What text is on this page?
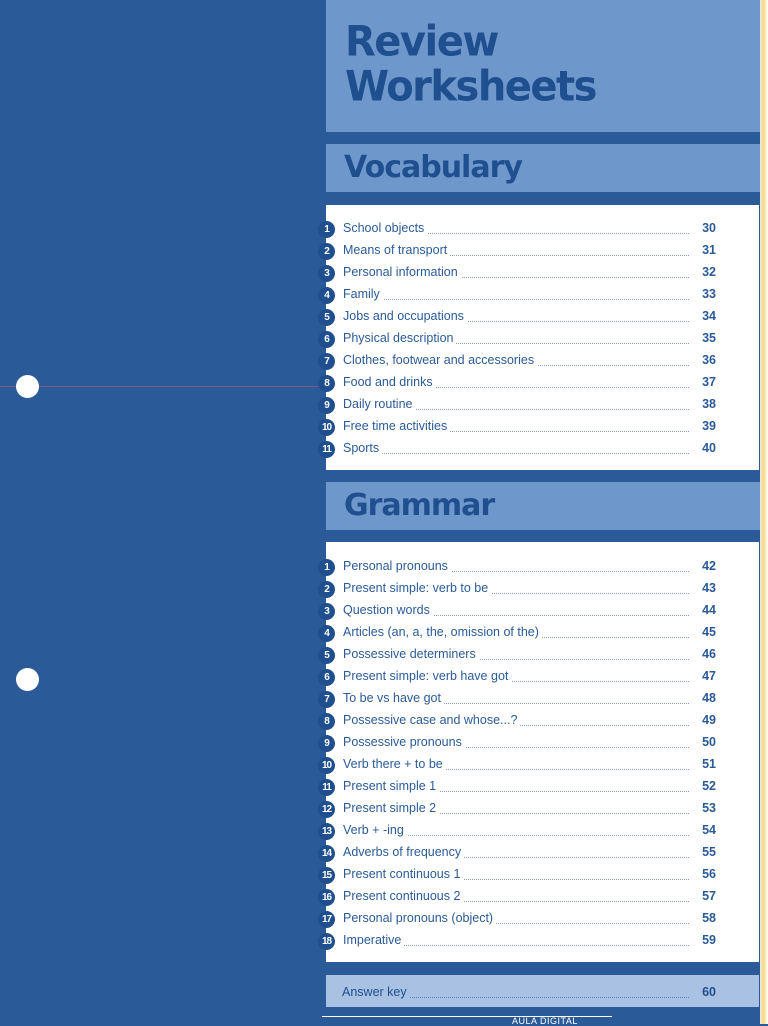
Review
Worksheets
Vocabulary
1	School objects	30
2	Means of transport	31
3	Personal information	32
4	Family	33
5	Jobs and occupations	34
6	Physical description	35
7	Clothes, footwear and accessories	36
8	Food and drinks	37
9	Daily routine	38
10 Free time activities	39
11 Sports	40
Grammar
1	Personal pronouns	42
2	Present simple: verb to be	43
3	Question words	44
4	Articles (an, a, the, omission of the)	45
5	Possessive determiners	46
6	Present simple: verb have got	47
7	To be vs have got	48
8	Possessive case and whose...?	49
9	Possessive pronouns	50
10 Verb there + to be	51
11 Present simple 1	52
12 Present simple 2	53
13 Verb + -ing	54
14 Adverbs of frequency	55
15 Present continuous 1	56
16 Present continuous 2	57
17 Personal pronouns (object)	58
18 Imperative	59
Answer key	60
AULA DIGITAL
